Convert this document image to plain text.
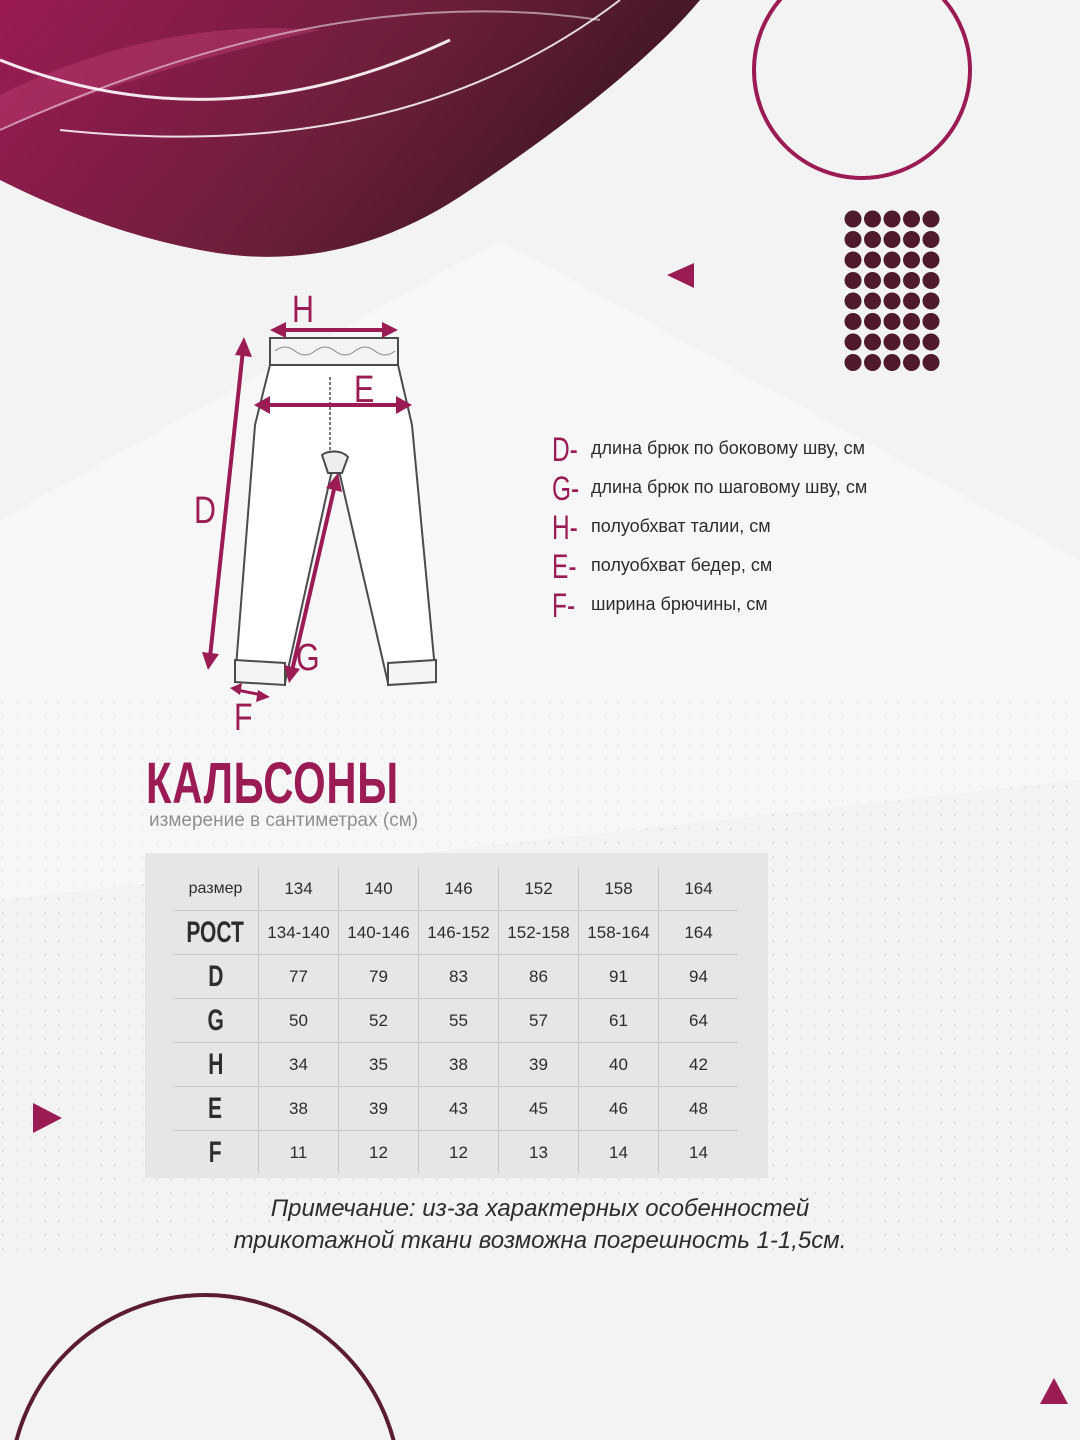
H
E
D
G
F
D- длина брюк по боковому шву, см
G- длина брюк по шаговому шву, см
H- полуобхват талии, см
E- полуобхват бедер, см
F- ширина брючины, см
КАЛЬСОНЫ
измерение в сантиметрах (см)
размер	134	140	146	152	158	164
РОСТ	134-140	140-146	146-152	152-158	158-164	164
D	77	79	83	86	91	94
G	50	52	55	57	61	64
H	34	35	38	39	40	42
E	38	39	43	45	46	48
F	11	12	12	13	14	14
Примечание: из-за характерных особенностей
трикотажной ткани возможна погрешность 1-1,5см.
